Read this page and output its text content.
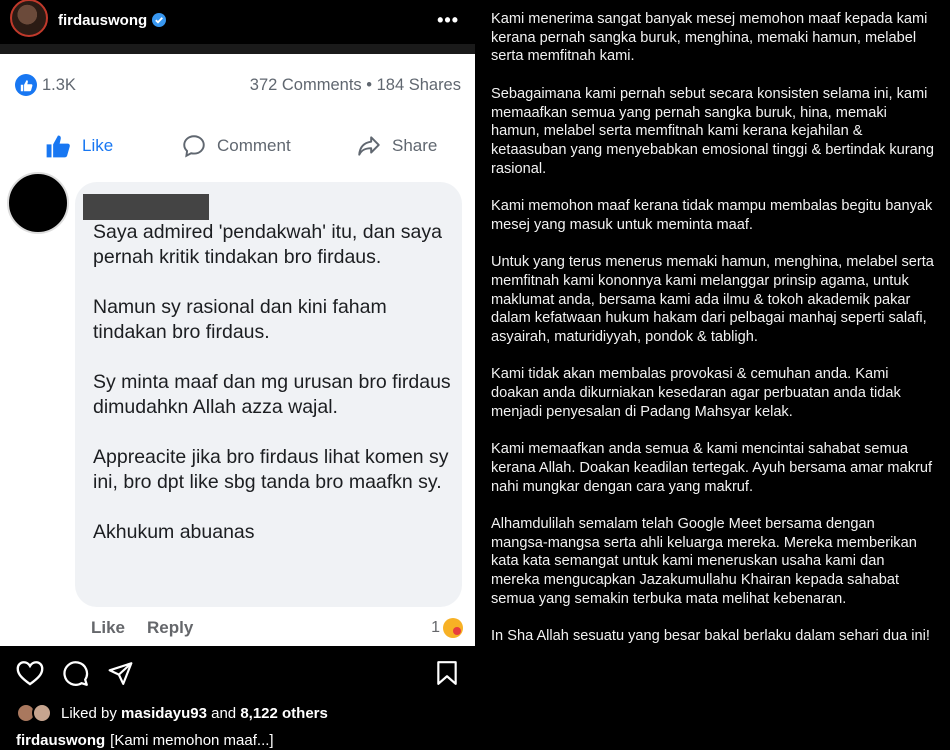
firdauswong	•••
1.3K	372 Comments • 184 Shares
Like	Comment	Share

Saya admired 'pendakwah' itu, dan saya pernah kritik tindakan bro firdaus.

Namun sy rasional dan kini faham tindakan bro firdaus.

Sy minta maaf dan mg urusan bro firdaus dimudahkn Allah azza wajal.

Appreacite jika bro firdaus lihat komen sy ini, bro dpt like sbg tanda bro maafkn sy.

Akhukum abuanas

Like Reply	1
Liked by
masidayu93
and
8,122 others
firdauswong [Kami memohon maaf...]

Kami menerima sangat banyak mesej memohon maaf kepada kami kerana pernah sangka buruk, menghina, memaki hamun, melabel serta memfitnah kami.

Sebagaimana kami pernah sebut secara konsisten selama ini, kami memaafkan semua yang pernah sangka buruk, hina, memaki hamun, melabel serta memfitnah kami kerana kejahilan & ketaasuban yang menyebabkan emosional tinggi & bertindak kurang rasional.

Kami memohon maaf kerana tidak mampu membalas begitu banyak mesej yang masuk untuk meminta maaf.

Untuk yang terus menerus memaki hamun, menghina, melabel serta memfitnah kami kononnya kami melanggar prinsip agama, untuk maklumat anda, bersama kami ada ilmu & tokoh akademik pakar dalam kefatwaan hukum hakam dari pelbagai manhaj seperti salafi, asyairah, maturidiyyah, pondok & tabligh.

Kami tidak akan membalas provokasi & cemuhan anda. Kami doakan anda dikurniakan kesedaran agar perbuatan anda tidak menjadi penyesalan di Padang Mahsyar kelak.

Kami memaafkan anda semua & kami mencintai sahabat semua kerana Allah. Doakan keadilan tertegak. Ayuh bersama amar makruf nahi mungkar dengan cara yang makruf.

Alhamdulilah semalam telah Google Meet bersama dengan mangsa-mangsa serta ahli keluarga mereka. Mereka memberikan kata kata semangat untuk kami meneruskan usaha kami dan mereka mengucapkan Jazakumullahu Khairan kepada sahabat semua yang semakin terbuka mata melihat kebenaran.

In Sha Allah sesuatu yang besar bakal berlaku dalam sehari dua ini!
